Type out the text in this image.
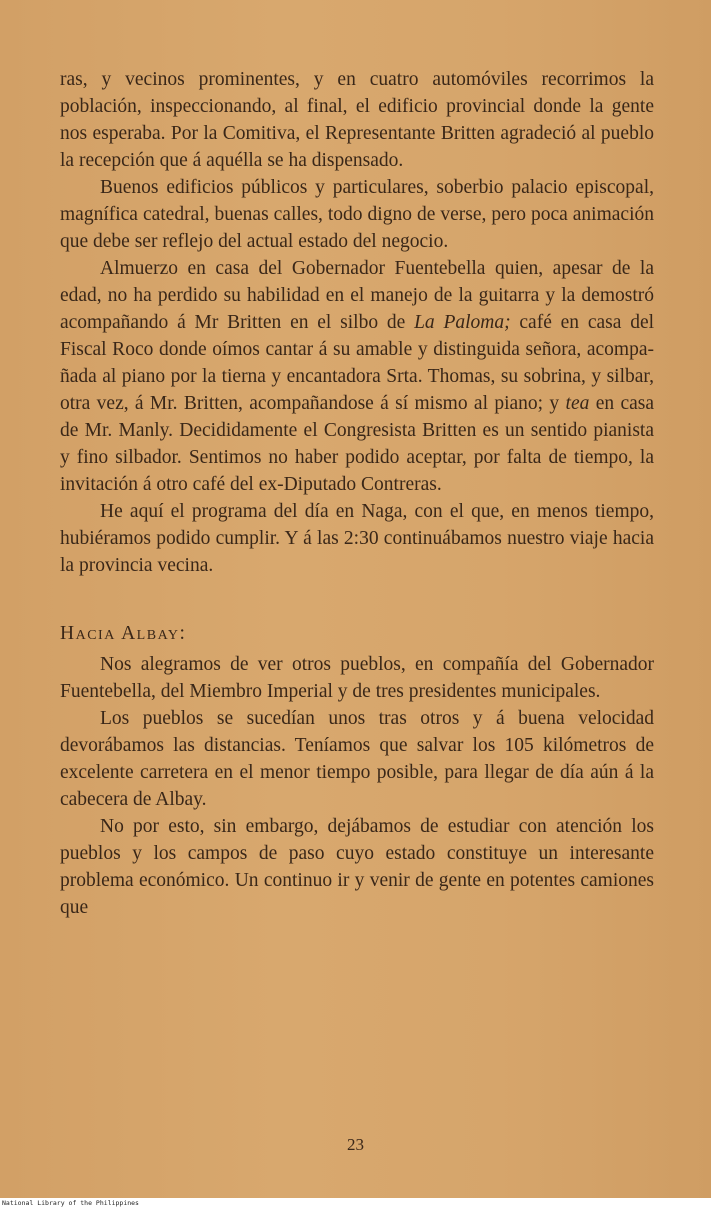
ras, y vecinos prominentes, y en cuatro automóviles recorrimos la población, inspeccionando, al final, el edificio provincial donde la gente nos esperaba. Por la Comitiva, el Representante Britten agradeció al pueblo la recepción que á aquélla se ha dispensado.

Buenos edificios públicos y particulares, soberbio palacio episcopal, magnífica catedral, buenas calles, todo digno de verse, pero poca animación que debe ser reflejo del actual estado del negocio.

Almuerzo en casa del Gobernador Fuentebella quien, apesar de la edad, no ha perdido su habilidad en el manejo de la guitarra y la demostró acompañando á Mr Britten en el silbo de La Paloma; café en casa del Fiscal Roco donde oímos cantar á su amable y distinguida señora, acompañada al piano por la tierna y encantadora Srta. Thomas, su sobrina, y silbar, otra vez, á Mr. Britten, acompañandose á sí mismo al piano; y tea en casa de Mr. Manly. Decididamente el Congresista Britten es un sentido pianista y fino silbador. Sentimos no haber podido aceptar, por falta de tiempo, la invitación á otro café del ex-Diputado Contreras.

He aquí el programa del día en Naga, con el que, en menos tiempo, hubiéramos podido cumplir. Y á las 2:30 continuábamos nuestro viaje hacia la provincia vecina.

Hacia Albay:

Nos alegramos de ver otros pueblos, en compañía del Gobernador Fuentebella, del Miembro Imperial y de tres presidentes municipales.

Los pueblos se sucedían unos tras otros y á buena velocidad devorábamos las distancias. Teníamos que salvar los 105 kilómetros de excelente carretera en el menor tiempo posible, para llegar de día aún á la cabecera de Albay.

No por esto, sin embargo, dejábamos de estudiar con atención los pueblos y los campos de paso cuyo estado constituye un interesante problema económico. Un continuo ir y venir de gente en potentes camiones que

23
National Library of the Philippines
